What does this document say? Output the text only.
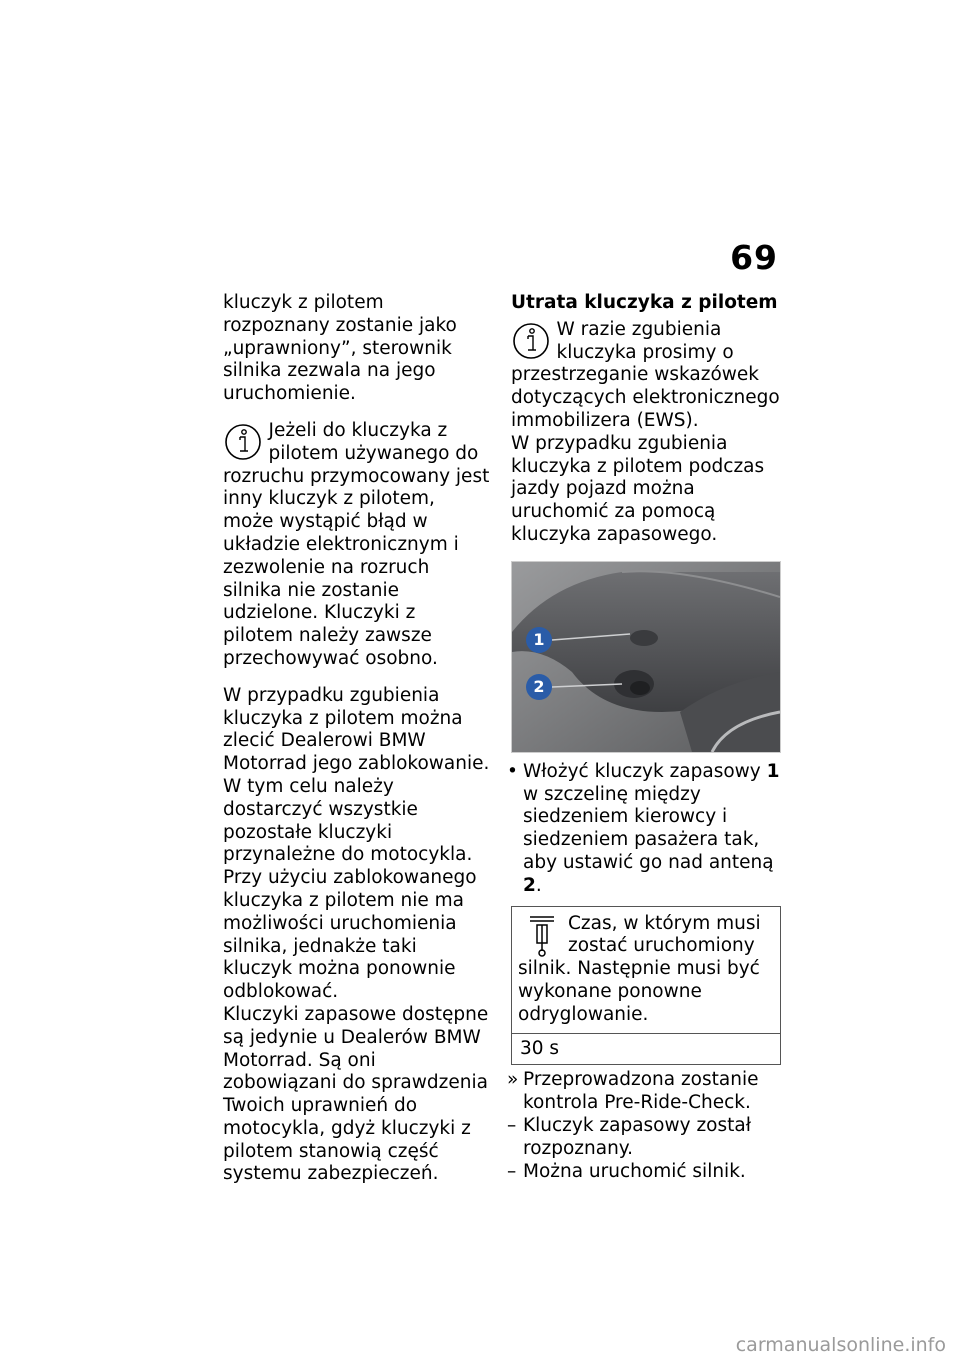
69

kluczyk z pilotem rozpoznany zostanie jako „uprawniony”, sterownik silnika zezwala na jego uruchomienie.

Jeżeli do kluczyka z pilotem używanego do rozruchu przymocowany jest inny kluczyk z pilotem, może wystąpić błąd w układzie elektronicznym i zezwolenie na rozruch silnika nie zostanie udzielone. Kluczyki z pilotem należy zawsze przechowywać osobno.

W przypadku zgubienia kluczyka z pilotem można zlecić Dealerowi BMW Motorrad jego zablokowanie. W tym celu należy dostarczyć wszystkie pozostałe kluczyki przynależne do motocykla.

Przy użyciu zablokowanego kluczyka z pilotem nie ma możliwości uruchomienia silnika, jednakże taki kluczyk można ponownie odblokować.

Kluczyki zapasowe dostępne są jedynie u Dealerów BMW Motorrad. Są oni zobowiązani do sprawdzenia Twoich uprawnień do motocykla, gdyż kluczyki z pilotem stanowią część systemu zabezpieczeń.

Utrata kluczyka z pilotem

W razie zgubienia kluczyka prosimy o przestrzeganie wskazówek dotyczących elektronicznego immobilizera (EWS).

W przypadku zgubienia kluczyka z pilotem podczas jazdy pojazd można uruchomić za pomocą kluczyka zapasowego.

1
2

• Włożyć kluczyk zapasowy 1 w szczelinę między siedzeniem kierowcy i siedzeniem pasażera tak, aby ustawić go nad anteną 2.

Czas, w którym musi zostać uruchomiony silnik. Następnie musi być wykonane ponowne odryglowanie.
30 s

» Przeprowadzona zostanie kontrola Pre-Ride-Check.

– Kluczyk zapasowy został rozpoznany.

– Można uruchomić silnik.

carmanualsonline.info
